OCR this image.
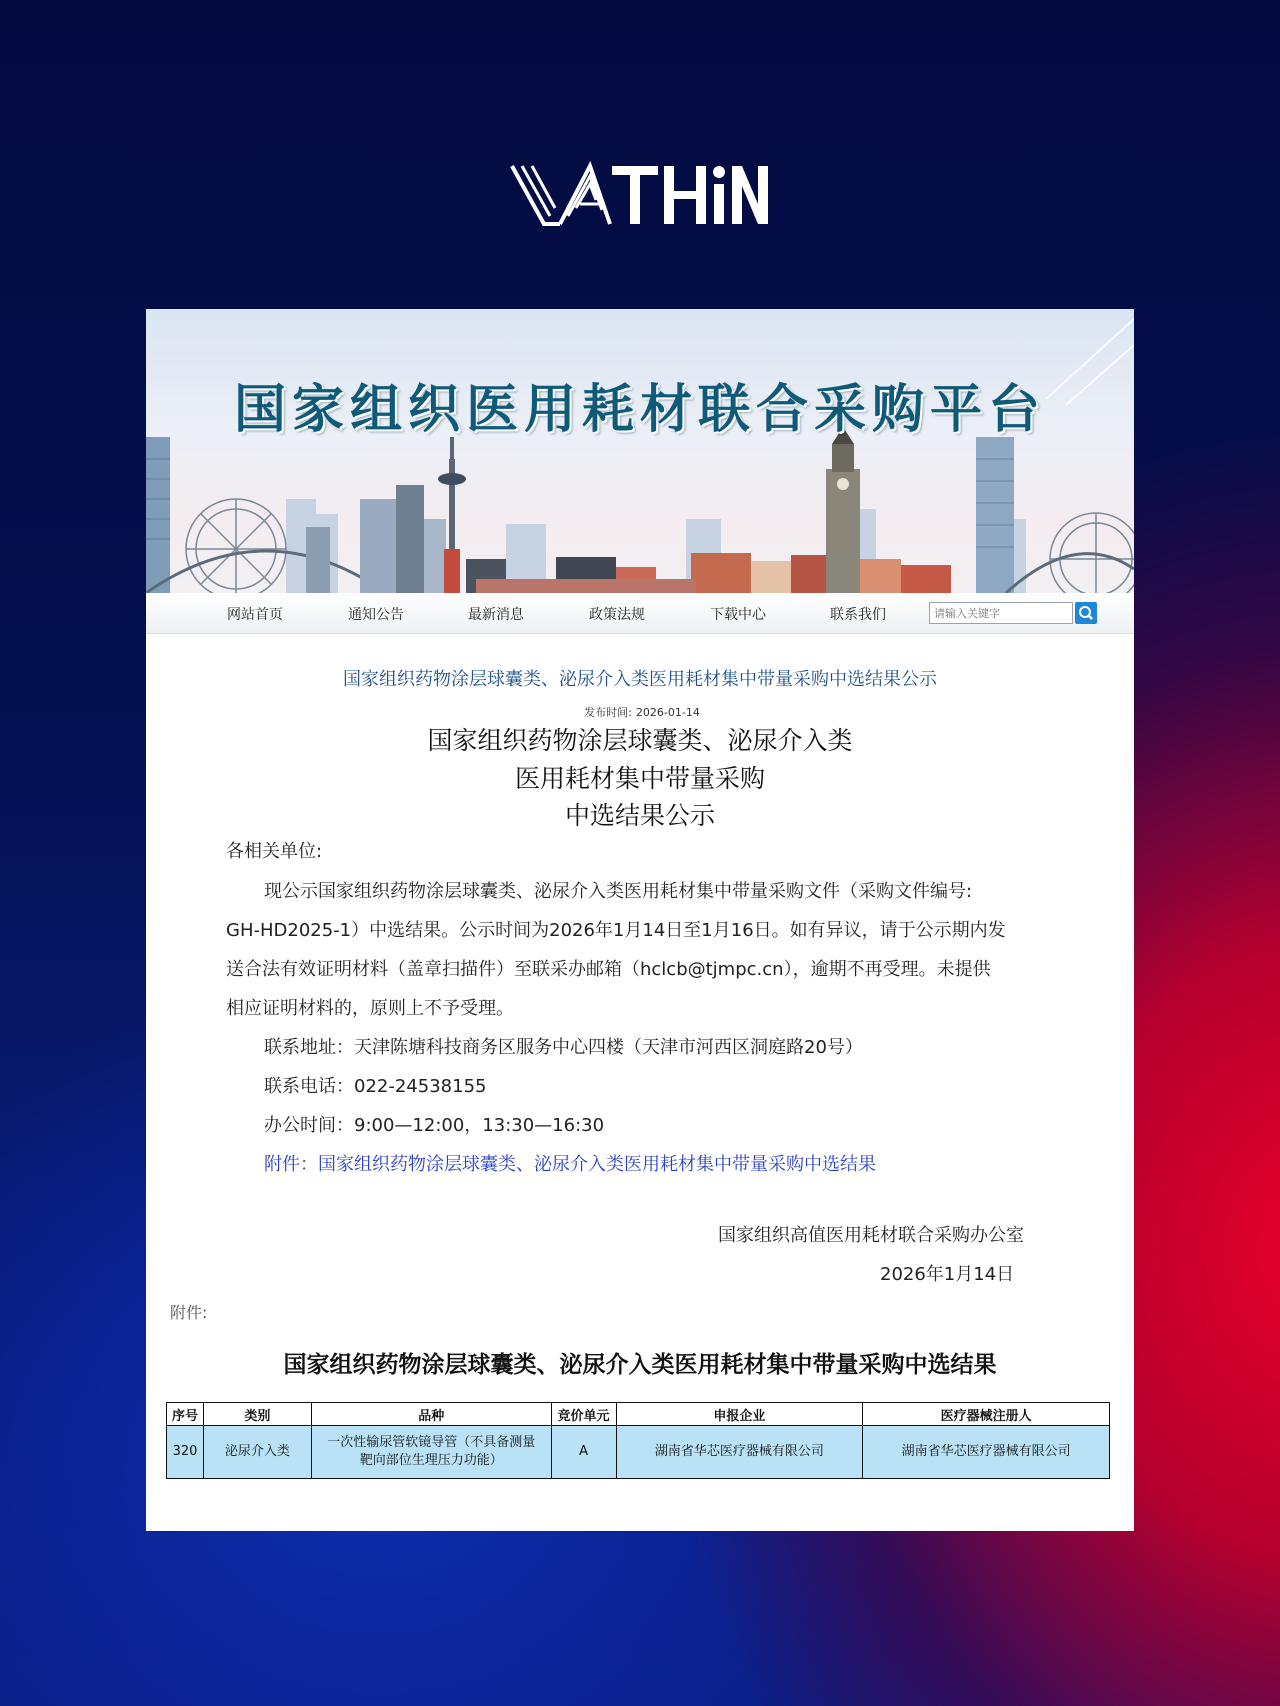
国家组织医用耗材联合采购平台
网站首页	通知公告	最新消息	政策法规	下载中心	联系我们
请输入关键字
国家组织药物涂层球囊类、泌尿介入类医用耗材集中带量采购中选结果公示
发布时间: 2026-01-14
国家组织药物涂层球囊类、泌尿介入类
医用耗材集中带量采购
中选结果公示
各相关单位:
现公示国家组织药物涂层球囊类、泌尿介入类医用耗材集中带量采购文件（采购文件编号:
GH-HD2025-1）中选结果。公示时间为2026年1月14日至1月16日。如有异议，请于公示期内发
送合法有效证明材料（盖章扫描件）至联采办邮箱（hclcb@tjmpc.cn），逾期不再受理。未提供
相应证明材料的，原则上不予受理。
联系地址：天津陈塘科技商务区服务中心四楼（天津市河西区洞庭路20号）
联系电话：022-24538155
办公时间：9:00—12:00，13:30—16:30
附件：国家组织药物涂层球囊类、泌尿介入类医用耗材集中带量采购中选结果
国家组织高值医用耗材联合采购办公室
2026年1月14日
附件:
国家组织药物涂层球囊类、泌尿介入类医用耗材集中带量采购中选结果
序号	类别	品种	竞价单元	申报企业	医疗器械注册人
320	泌尿介入类	一次性输尿管软镜导管（不具备测量
靶向部位生理压力功能）	A	湖南省华芯医疗器械有限公司	湖南省华芯医疗器械有限公司
